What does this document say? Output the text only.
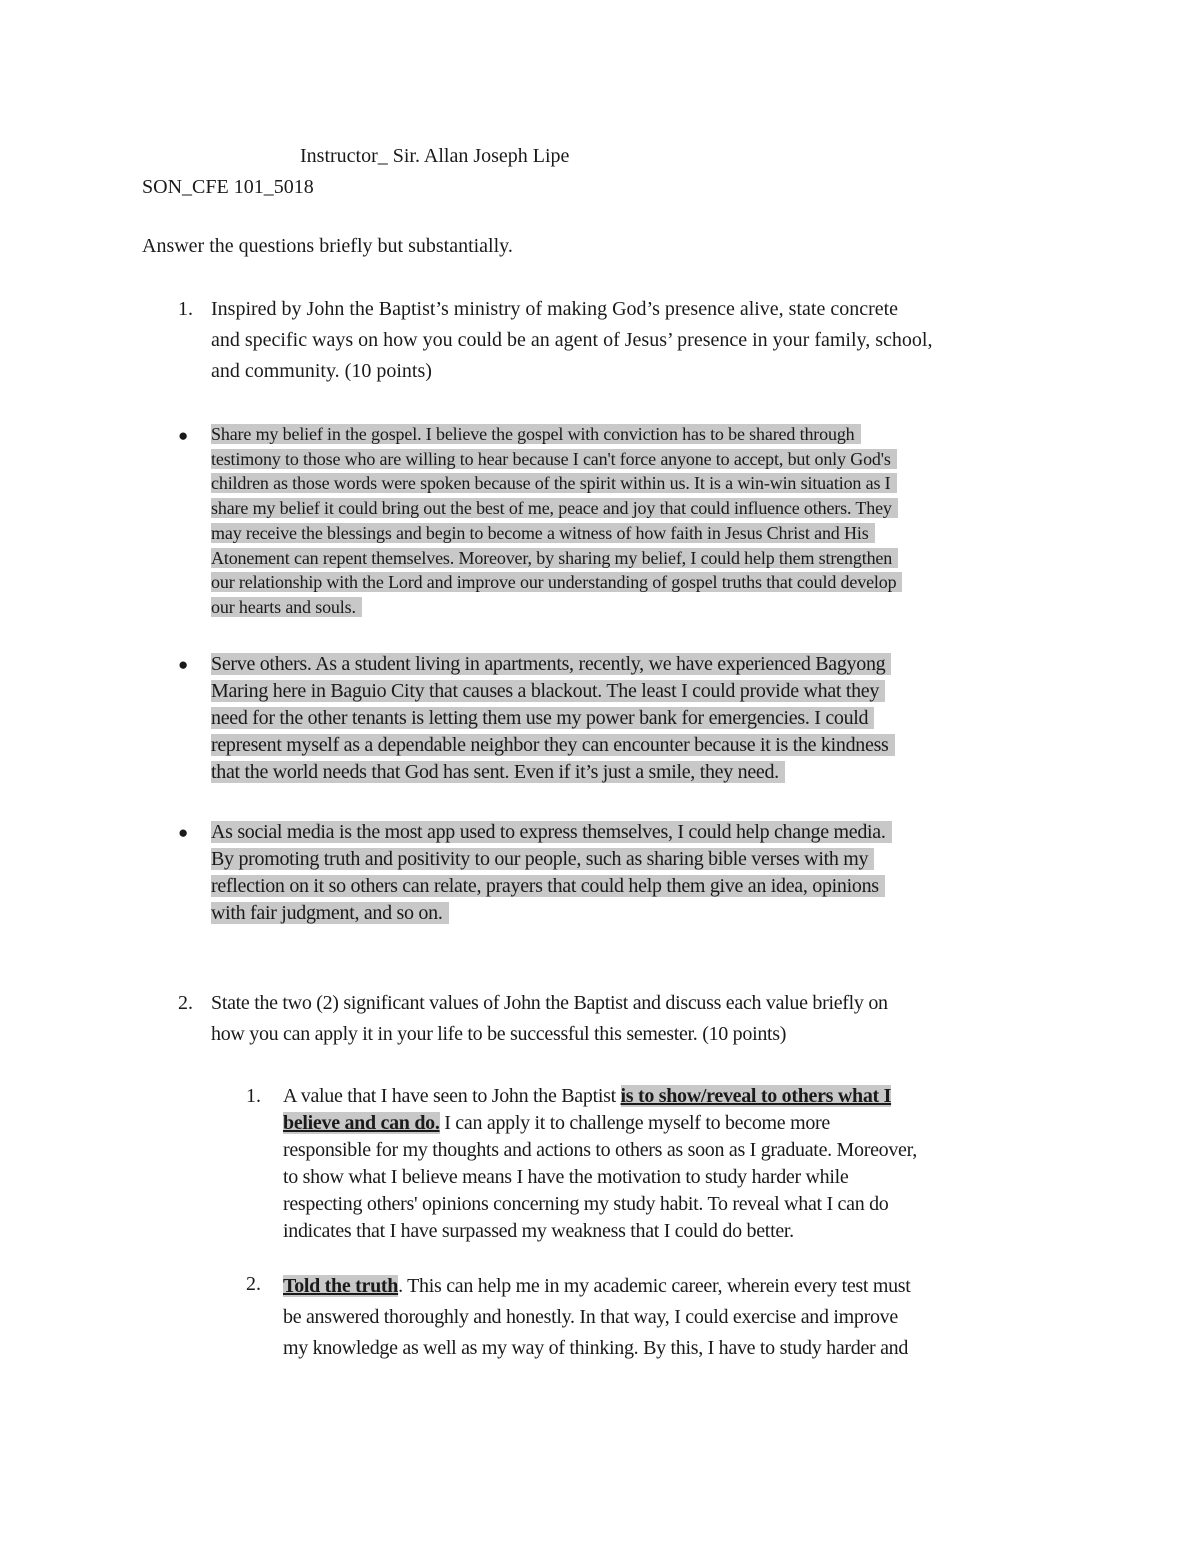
Instructor_ Sir. Allan Joseph Lipe
SON_CFE 101_5018
Answer the questions briefly but substantially.
1. Inspired by John the Baptist’s ministry of making God’s presence alive, state concrete
and specific ways on how you could be an agent of Jesus’ presence in your family, school,
and community. (10 points)
● Share my belief in the gospel. I believe the gospel with conviction has to be shared through
testimony to those who are willing to hear because I can't force anyone to accept, but only God's
children as those words were spoken because of the spirit within us. It is a win-win situation as I
share my belief it could bring out the best of me, peace and joy that could influence others. They
may receive the blessings and begin to become a witness of how faith in Jesus Christ and His
Atonement can repent themselves. Moreover, by sharing my belief, I could help them strengthen
our relationship with the Lord and improve our understanding of gospel truths that could develop
our hearts and souls.
● Serve others. As a student living in apartments, recently, we have experienced Bagyong
Maring here in Baguio City that causes a blackout. The least I could provide what they
need for the other tenants is letting them use my power bank for emergencies. I could
represent myself as a dependable neighbor they can encounter because it is the kindness
that the world needs that God has sent. Even if it’s just a smile, they need.
● As social media is the most app used to express themselves, I could help change media.
By promoting truth and positivity to our people, such as sharing bible verses with my
reflection on it so others can relate, prayers that could help them give an idea, opinions
with fair judgment, and so on.
2. State the two (2) significant values of John the Baptist and discuss each value briefly on
how you can apply it in your life to be successful this semester. (10 points)
1. A value that I have seen to John the Baptist is to show/reveal to others what I
believe and can do. I can apply it to challenge myself to become more
responsible for my thoughts and actions to others as soon as I graduate. Moreover,
to show what I believe means I have the motivation to study harder while
respecting others' opinions concerning my study habit. To reveal what I can do
indicates that I have surpassed my weakness that I could do better.
2. Told the truth. This can help me in my academic career, wherein every test must
be answered thoroughly and honestly. In that way, I could exercise and improve
my knowledge as well as my way of thinking. By this, I have to study harder and
